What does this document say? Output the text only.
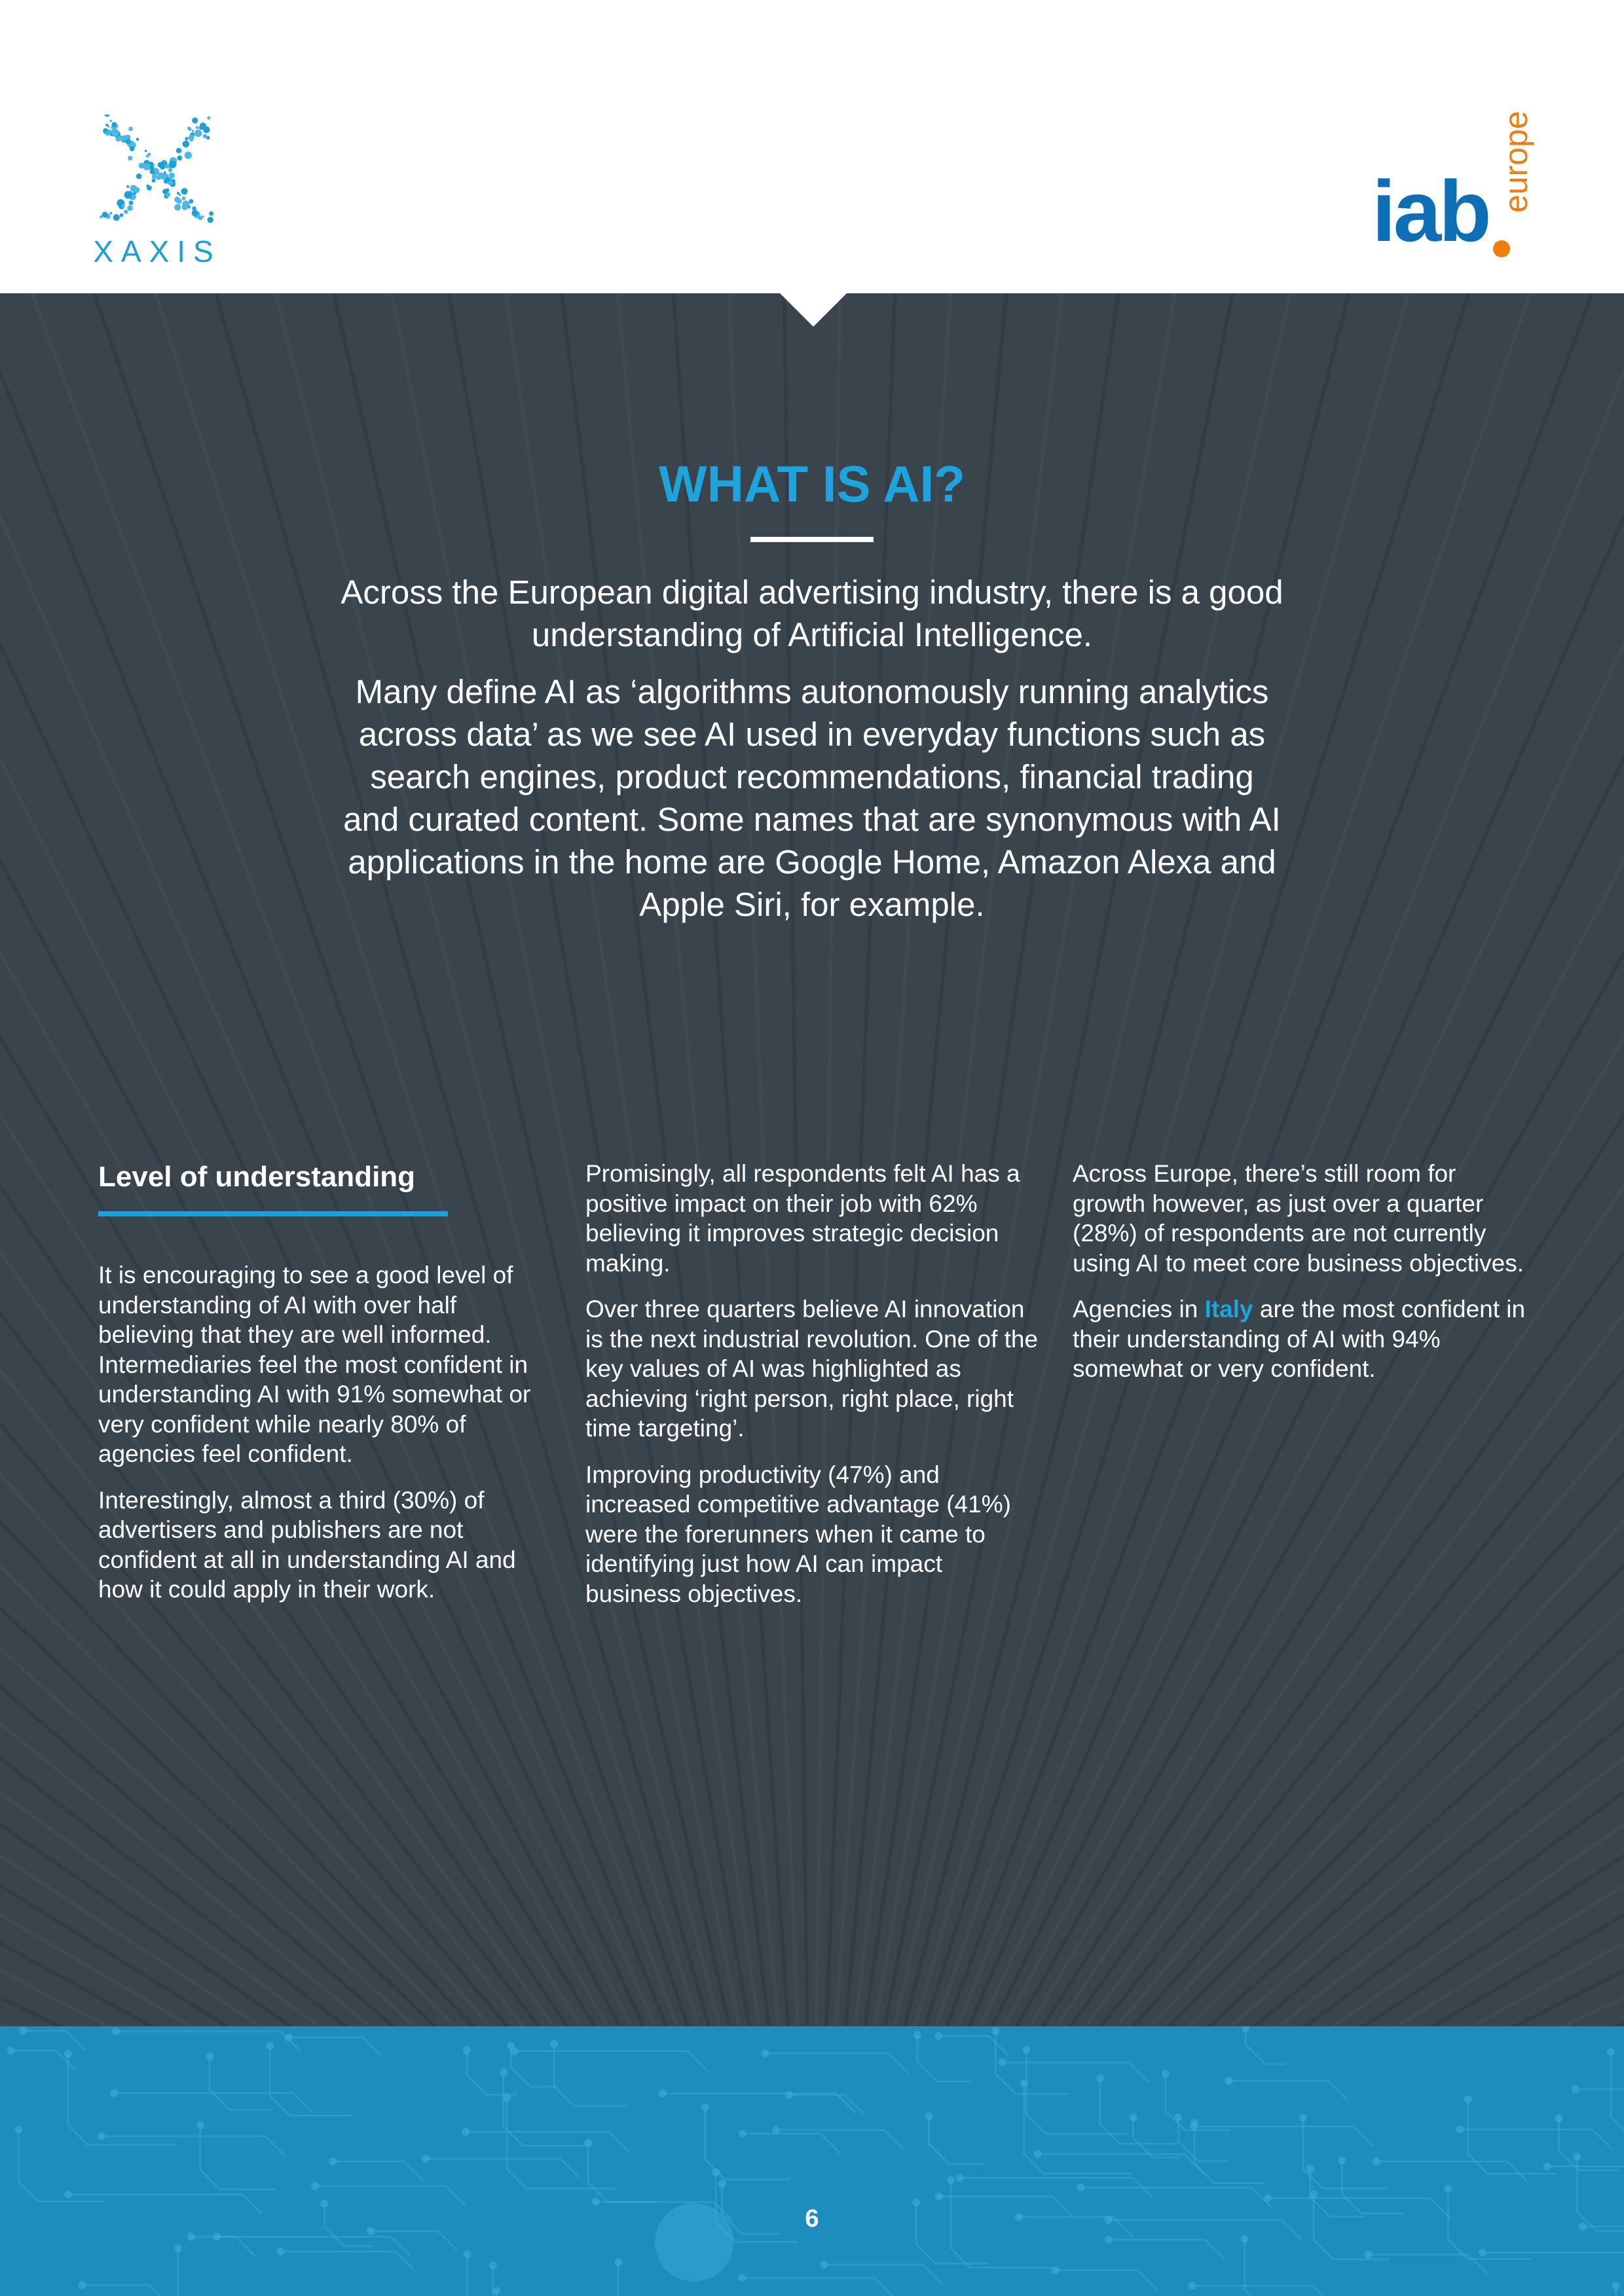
XAXIS	iab europe
WHAT IS AI?

Across the European digital advertising industry, there is a good understanding of Artificial Intelligence.

Many define AI as ‘algorithms autonomously running analytics across data’ as we see AI used in everyday functions such as search engines, product recommendations, financial trading and curated content. Some names that are synonymous with AI applications in the home are Google Home, Amazon Alexa and Apple Siri, for example.

Level of understanding

It is encouraging to see a good level of understanding of AI with over half believing that they are well informed. Intermediaries feel the most confident in understanding AI with 91% somewhat or very confident while nearly 80% of agencies feel confident.

Interestingly, almost a third (30%) of advertisers and publishers are not confident at all in understanding AI and how it could apply in their work.

Promisingly, all respondents felt AI has a positive impact on their job with 62% believing it improves strategic decision making.

Over three quarters believe AI innovation is the next industrial revolution. One of the key values of AI was highlighted as achieving ‘right person, right place, right time targeting’.

Improving productivity (47%) and increased competitive advantage (41%) were the forerunners when it came to identifying just how AI can impact business objectives.

Across Europe, there’s still room for growth however, as just over a quarter (28%) of respondents are not currently using AI to meet core business objectives.

Agencies in Italy are the most confident in their understanding of AI with 94% somewhat or very confident.

6
